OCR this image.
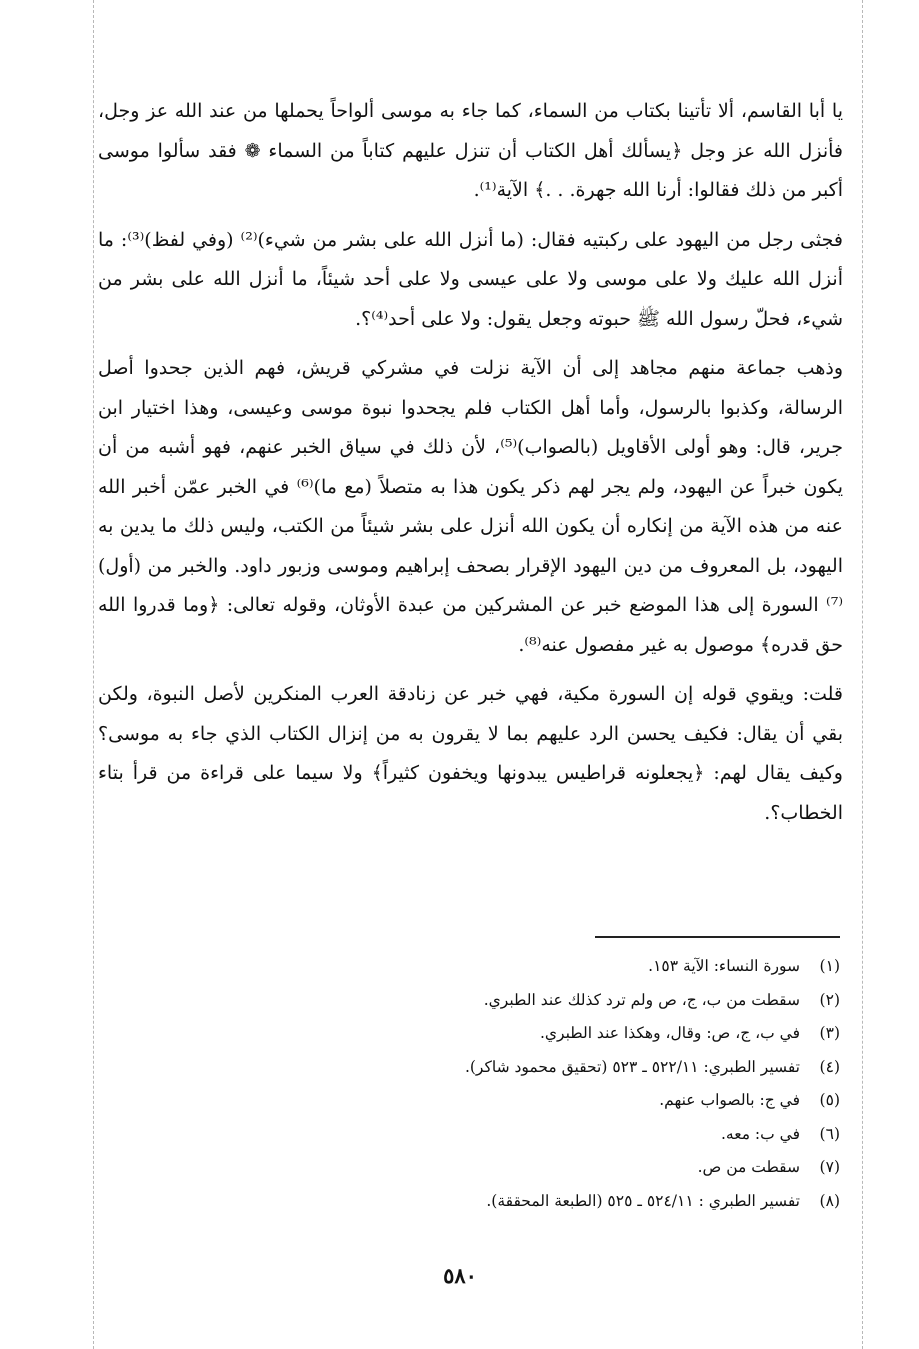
يا أبا القاسم، ألا تأتينا بكتاب من السماء، كما جاء به موسى ألواحاً يحملها من عند الله عز وجل، فأنزل الله عز وجل ﴿يسألك أهل الكتاب أن تنزل عليهم كتاباً من السماء ❁ فقد سألوا موسى أكبر من ذلك فقالوا: أرنا الله جهرة. . .﴾ الآية⁽¹⁾.

فجثى رجل من اليهود على ركبتيه فقال: (ما أنزل الله على بشر من شيء)⁽²⁾ (وفي لفظ)⁽³⁾: ما أنزل الله عليك ولا على موسى ولا على عيسى ولا على أحد شيئاً، ما أنزل الله على بشر من شيء، فحلّ رسول الله ﷺ حبوته وجعل يقول: ولا على أحد⁽⁴⁾؟.

وذهب جماعة منهم مجاهد إلى أن الآية نزلت في مشركي قريش، فهم الذين جحدوا أصل الرسالة، وكذبوا بالرسول، وأما أهل الكتاب فلم يجحدوا نبوة موسى وعيسى، وهذا اختيار ابن جرير، قال: وهو أولى الأقاويل (بالصواب)⁽⁵⁾، لأن ذلك في سياق الخبر عنهم، فهو أشبه من أن يكون خبراً عن اليهود، ولم يجر لهم ذكر يكون هذا به متصلاً (مع ما)⁽⁶⁾ في الخبر عمّن أخبر الله عنه من هذه الآية من إنكاره أن يكون الله أنزل على بشر شيئاً من الكتب، وليس ذلك ما يدين به اليهود، بل المعروف من دين اليهود الإقرار بصحف إبراهيم وموسى وزبور داود. والخبر من (أول)⁽⁷⁾ السورة إلى هذا الموضع خبر عن المشركين من عبدة الأوثان، وقوله تعالى: ﴿وما قدروا الله حق قدره﴾ موصول به غير مفصول عنه⁽⁸⁾.

قلت: ويقوي قوله إن السورة مكية، فهي خبر عن زنادقة العرب المنكرين لأصل النبوة، ولكن بقي أن يقال: فكيف يحسن الرد عليهم بما لا يقرون به من إنزال الكتاب الذي جاء به موسى؟ وكيف يقال لهم: ﴿يجعلونه قراطيس يبدونها ويخفون كثيراً﴾ ولا سيما على قراءة من قرأ بتاء الخطاب؟.

(١)سورة النساء: الآية ١٥٣.
(٢)سقطت من ب، ج، ص ولم ترد كذلك عند الطبري.
(٣)في ب، ج، ص: وقال، وهكذا عند الطبري.
(٤)تفسير الطبري: ٥٢٢/١١ ـ ٥٢٣ (تحقيق محمود شاكر).
(٥)في ج: بالصواب عنهم.
(٦)في ب: معه.
(٧)سقطت من ص.
(٨)تفسير الطبري : ٥٢٤/١١ ـ ٥٢٥ (الطبعة المحققة).
٥٨٠
